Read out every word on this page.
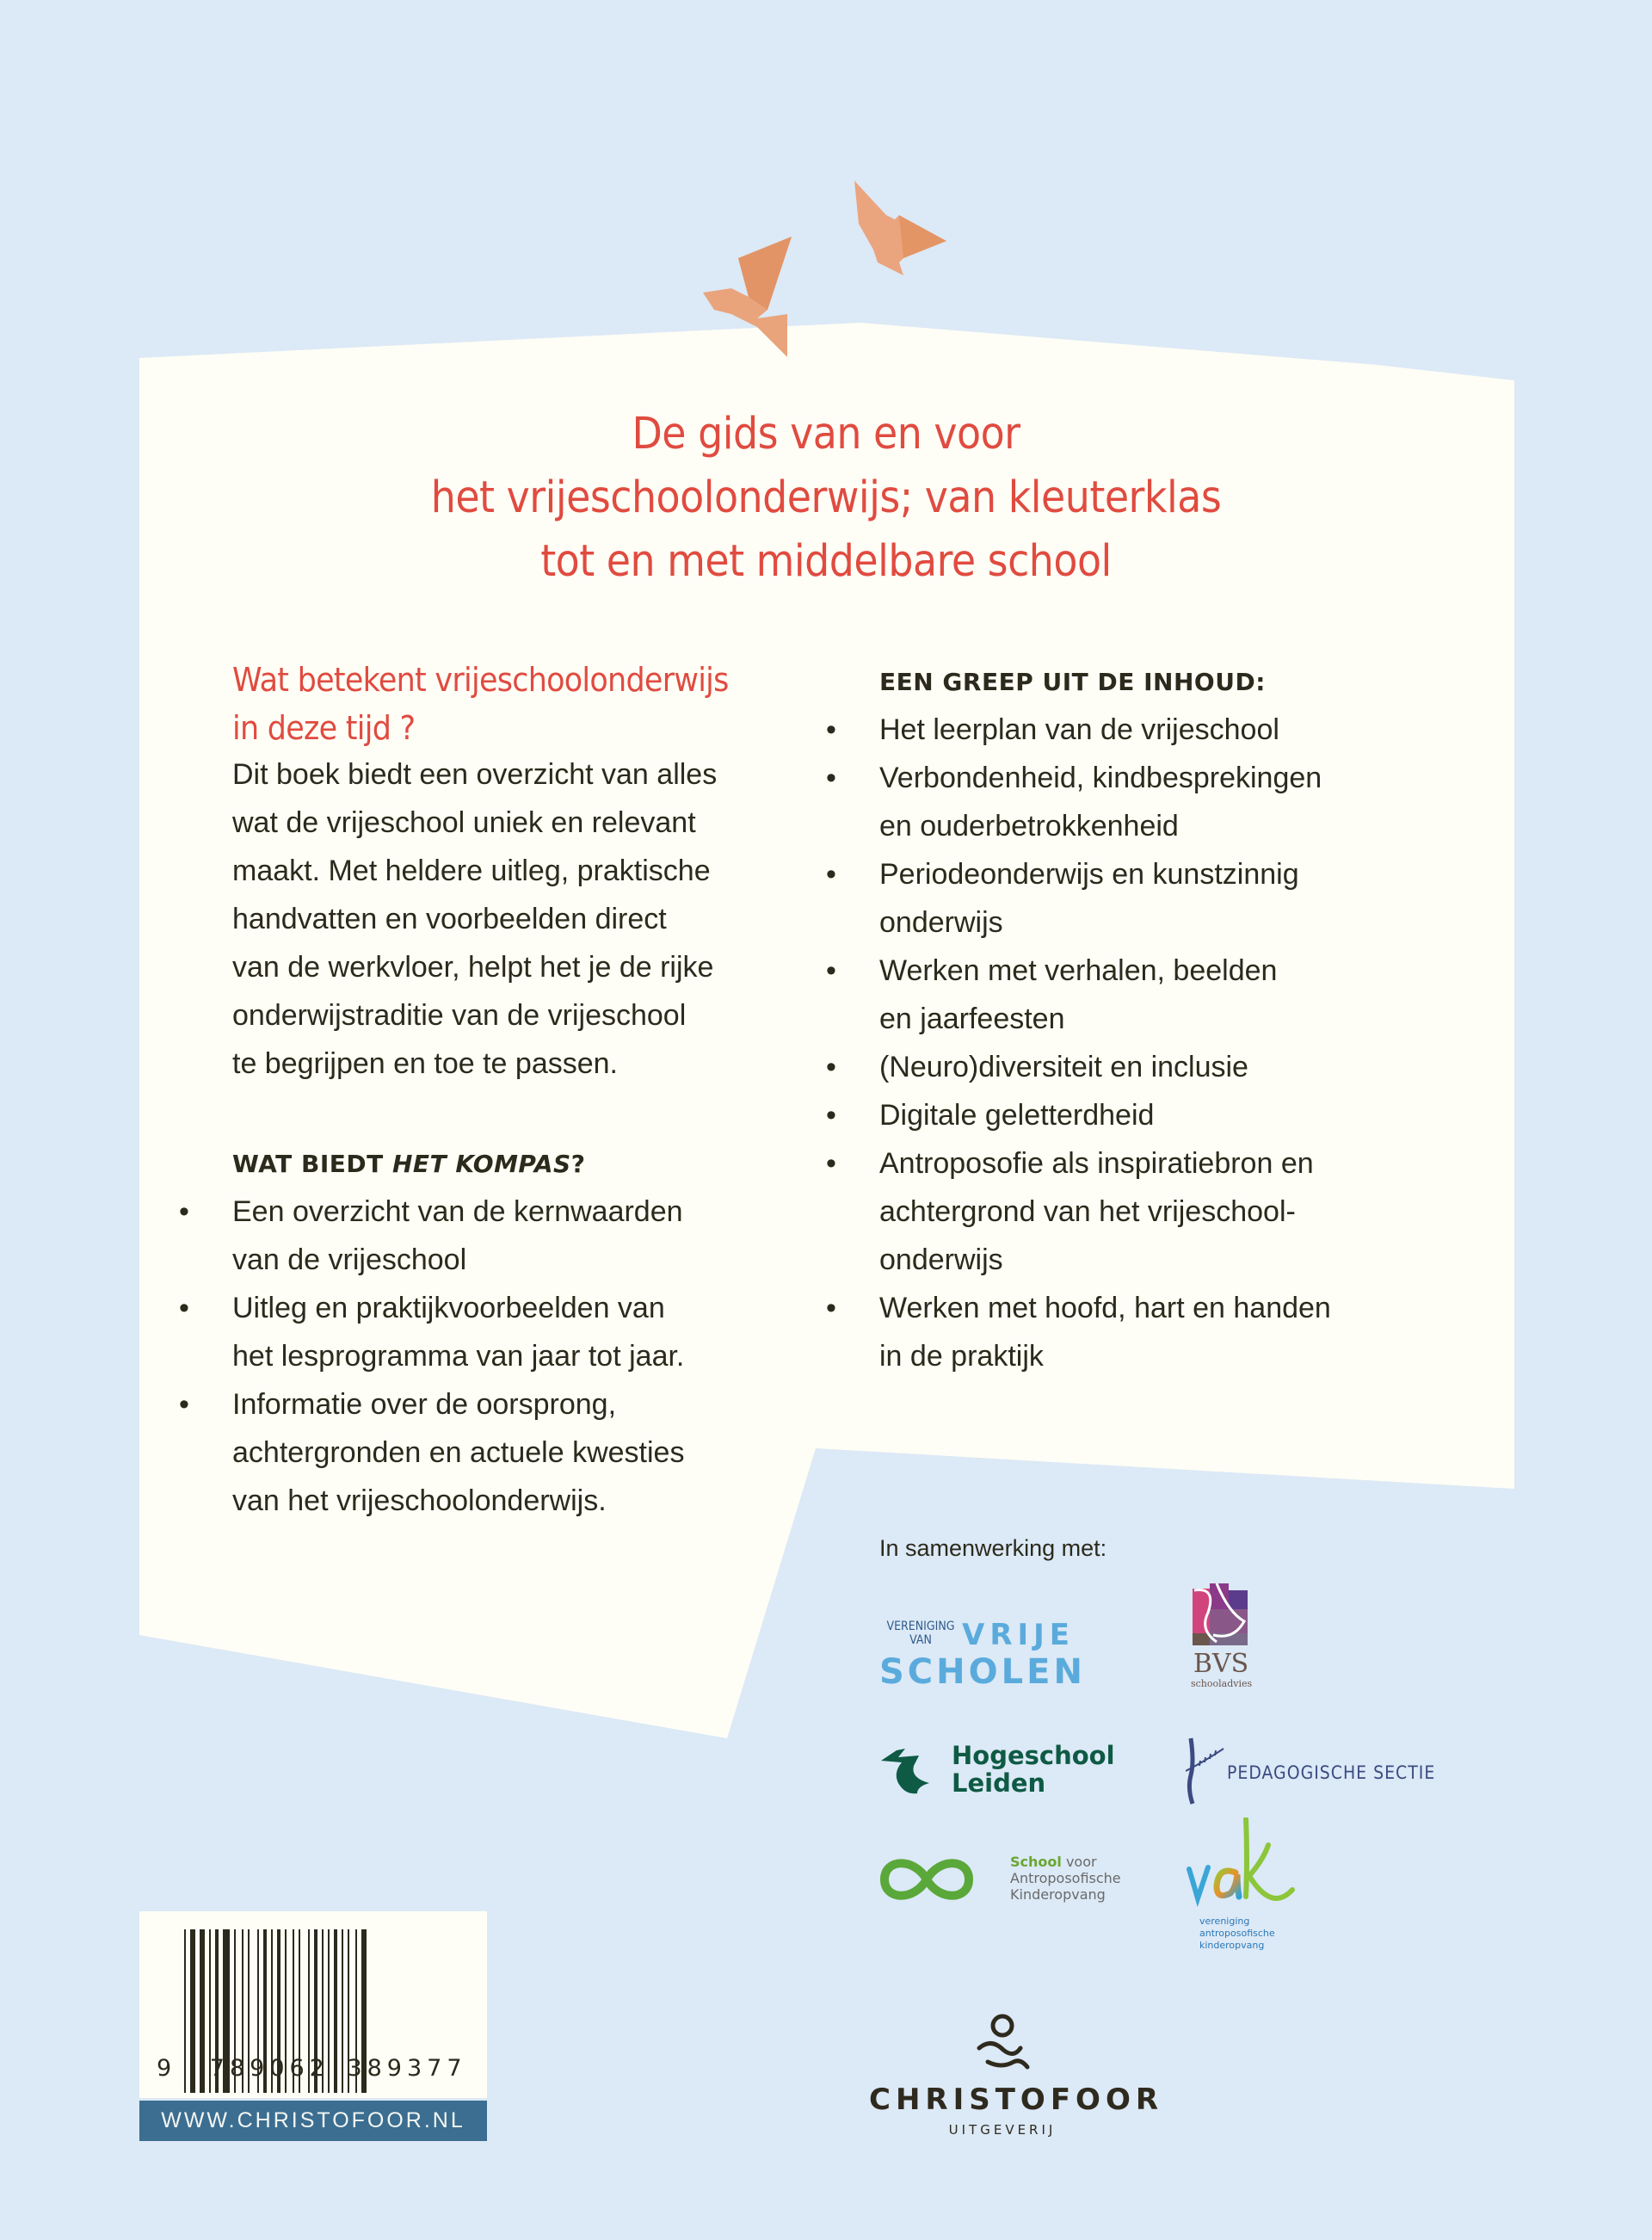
De gids van en voor
het vrijeschoolonderwijs; van kleuterklas
tot en met middelbare school
Wat betekent vrijeschoolonderwijs
in deze tijd ?
Dit boek biedt een overzicht van alles
wat de vrijeschool uniek en relevant
maakt. Met heldere uitleg, praktische
handvatten en voorbeelden direct
van de werkvloer, helpt het je de rijke
onderwijstraditie van de vrijeschool
te begrijpen en toe te passen.
WAT BIEDT HET KOMPAS?
• Een overzicht van de kernwaarden
van de vrijeschool
• Uitleg en praktijkvoorbeelden van
het lesprogramma van jaar tot jaar.
• Informatie over de oorsprong,
achtergronden en actuele kwesties
van het vrijeschoolonderwijs.
EEN GREEP UIT DE INHOUD:
• Het leerplan van de vrijeschool
• Verbondenheid, kindbesprekingen
en ouderbetrokkenheid
• Periodeonderwijs en kunstzinnig
onderwijs
• Werken met verhalen, beelden
en jaarfeesten
• (Neuro)diversiteit en inclusie
• Digitale geletterdheid
• Antroposofie als inspiratiebron en
achtergrond van het vrijeschool-
onderwijs
• Werken met hoofd, hart en handen
in de praktijk
In samenwerking met:
VERENIGING
VAN	VRIJE
SCHOLEN	BVS
schooladvies
Hogeschool
Leiden	PEDAGOGISCHE SECTIE
School voor
Antroposofische
Kinderopvang
vereniging
antroposofische
kinderopvang
9 789062 389377
WWW.CHRISTOFOOR.NL
CHRISTOFOOR
UITGEVERIJ
